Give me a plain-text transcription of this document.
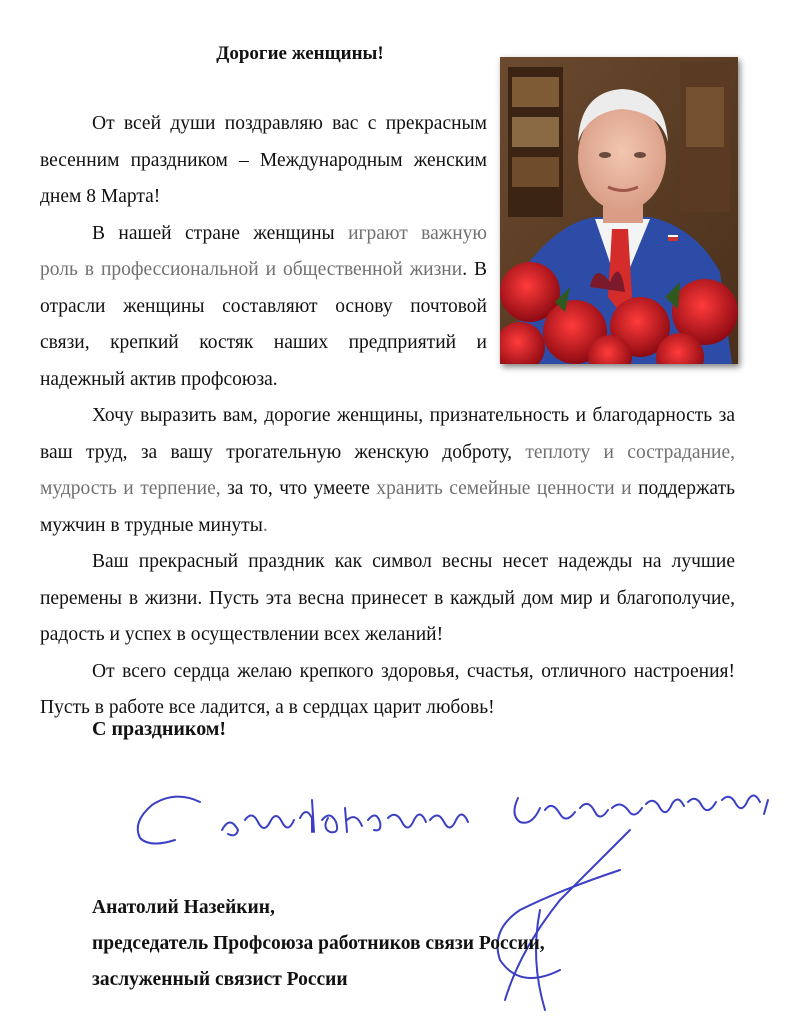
Дорогие женщины!

От всей души поздравляю вас с прекрасным весенним праздником – Международным женским днем 8 Марта!

В нашей стране женщины играют важную роль в профессиональной и общественной жизни. В отрасли женщины составляют основу почтовой связи, крепкий костяк наших предприятий и надежный актив профсоюза.

Хочу выразить вам, дорогие женщины, признательность и благодарность за ваш труд, за вашу трогательную женскую доброту, теплоту и сострадание, мудрость и терпение, за то, что умеете хранить семейные ценности и поддержать мужчин в трудные минуты.

Ваш прекрасный праздник как символ весны несет надежды на лучшие перемены в жизни. Пусть эта весна принесет в каждый дом мир и благополучие, радость и успех в осуществлении всех желаний!

От всего сердца желаю крепкого здоровья, счастья, отличного настроения! Пусть в работе все ладится, а в сердцах царит любовь!

С праздником!
С глубоким уважением,
Анатолий Назейкин,
председатель Профсоюза работников связи России,
заслуженный связист России
